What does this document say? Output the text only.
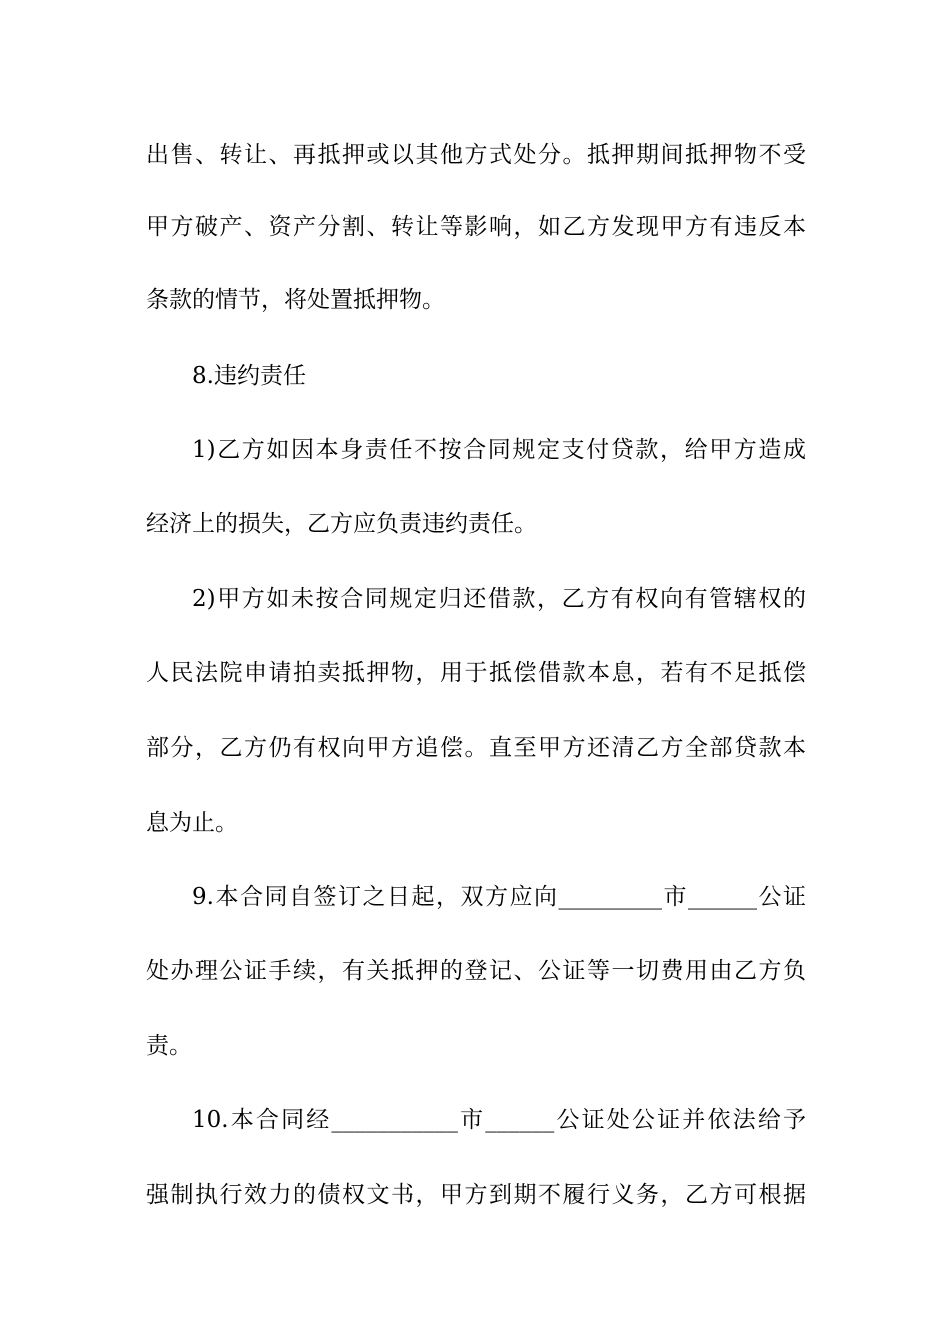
出售、转让、再抵押或以其他方式处分。抵押期间抵押物不受
甲方破产、资产分割、转让等影响，如乙方发现甲方有违反本
条款的情节，将处置抵押物。
8.违约责任
1)乙方如因本身责任不按合同规定支付贷款，给甲方造成
经济上的损失，乙方应负责违约责任。
2)甲方如未按合同规定归还借款，乙方有权向有管辖权的
人民法院申请拍卖抵押物，用于抵偿借款本息，若有不足抵偿
部分，乙方仍有权向甲方追偿。直至甲方还清乙方全部贷款本
息为止。
9.本合同自签订之日起，双方应向_________市______公证
处办理公证手续，有关抵押的登记、公证等一切费用由乙方负
责。
10.本合同经___________市______公证处公证并依法给予
强制执行效力的债权文书，甲方到期不履行义务，乙方可根据
